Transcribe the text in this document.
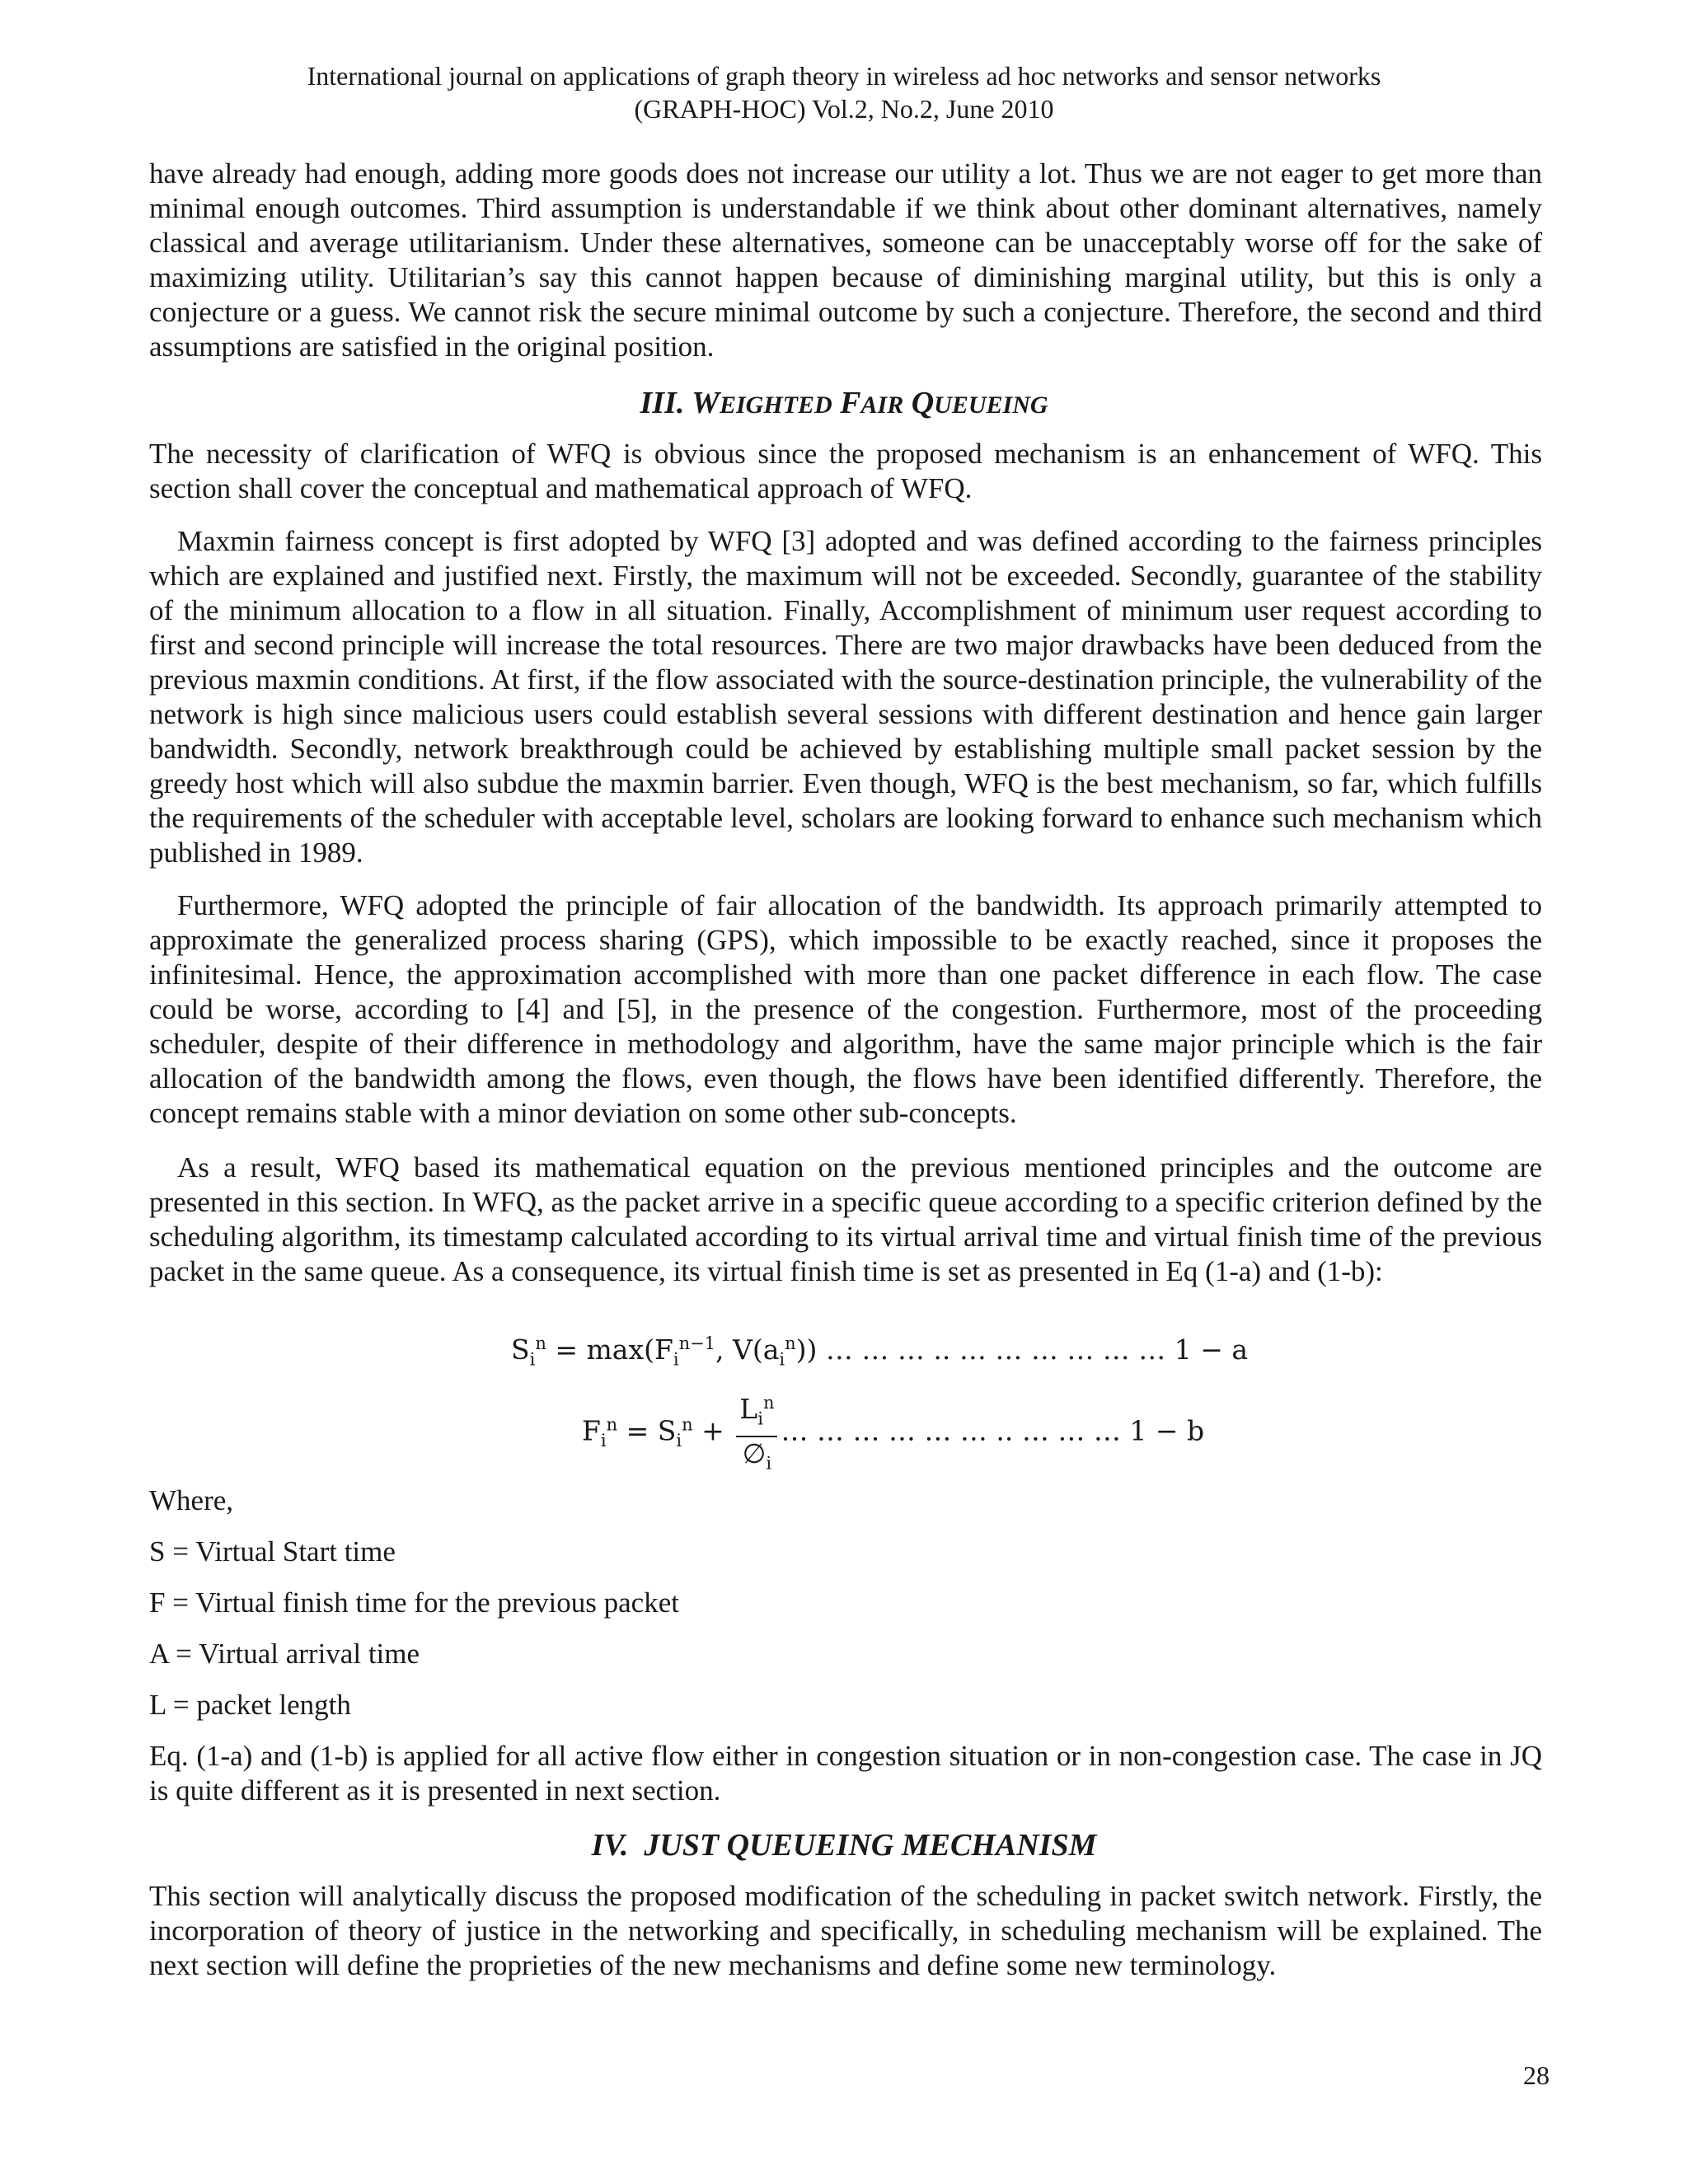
International journal on applications of graph theory in wireless ad hoc networks and sensor networks
(GRAPH-HOC) Vol.2, No.2, June 2010

have already had enough, adding more goods does not increase our utility a lot. Thus we are not eager to get more than minimal enough outcomes. Third assumption is understandable if we think about other dominant alternatives, namely classical and average utilitarianism. Under these alternatives, someone can be unacceptably worse off for the sake of maximizing utility. Utilitarian’s say this cannot happen because of diminishing marginal utility, but this is only a conjecture or a guess. We cannot risk the secure minimal outcome by such a conjecture. Therefore, the second and third assumptions are satisfied in the original position.

III. WEIGHTED FAIR QUEUEING

The necessity of clarification of WFQ is obvious since the proposed mechanism is an enhancement of WFQ. This section shall cover the conceptual and mathematical approach of WFQ.

Maxmin fairness concept is first adopted by WFQ [3] adopted and was defined according to the fairness principles which are explained and justified next. Firstly, the maximum will not be exceeded. Secondly, guarantee of the stability of the minimum allocation to a flow in all situation. Finally, Accomplishment of minimum user request according to first and second principle will increase the total resources. There are two major drawbacks have been deduced from the previous maxmin conditions. At first, if the flow associated with the source-destination principle, the vulnerability of the network is high since malicious users could establish several sessions with different destination and hence gain larger bandwidth. Secondly, network breakthrough could be achieved by establishing multiple small packet session by the greedy host which will also subdue the maxmin barrier. Even though, WFQ is the best mechanism, so far, which fulfills the requirements of the scheduler with acceptable level, scholars are looking forward to enhance such mechanism which published in 1989.

Furthermore, WFQ adopted the principle of fair allocation of the bandwidth. Its approach primarily attempted to approximate the generalized process sharing (GPS), which impossible to be exactly reached, since it proposes the infinitesimal. Hence, the approximation accomplished with more than one packet difference in each flow. The case could be worse, according to [4] and [5], in the presence of the congestion. Furthermore, most of the proceeding scheduler, despite of their difference in methodology and algorithm, have the same major principle which is the fair allocation of the bandwidth among the flows, even though, the flows have been identified differently. Therefore, the concept remains stable with a minor deviation on some other sub-concepts.

As a result, WFQ based its mathematical equation on the previous mentioned principles and the outcome are presented in this section. In WFQ, as the packet arrive in a specific queue according to a specific criterion defined by the scheduling algorithm, its timestamp calculated according to its virtual arrival time and virtual finish time of the previous packet in the same queue. As a consequence, its virtual finish time is set as presented in Eq (1-a) and (1-b):

$S_i^n = \max(F_i^{n-1}$, $V(a_i^n)$) … … … .. … … … … … … 1 − a
$F_i^n = S_i^n + \frac{L_i^n}{\emptyset_i}$ … … … … … … .. … … … 1 − b
Where,
S = Virtual Start time
F = Virtual finish time for the previous packet
A = Virtual arrival time
L = packet length

Eq. (1-a) and (1-b) is applied for all active flow either in congestion situation or in non-congestion case. The case in JQ is quite different as it is presented in next section.

IV.  JUST QUEUEING MECHANISM

This section will analytically discuss the proposed modification of the scheduling in packet switch network. Firstly, the incorporation of theory of justice in the networking and specifically, in scheduling mechanism will be explained. The next section will define the proprieties of the new mechanisms and define some new terminology.

28
